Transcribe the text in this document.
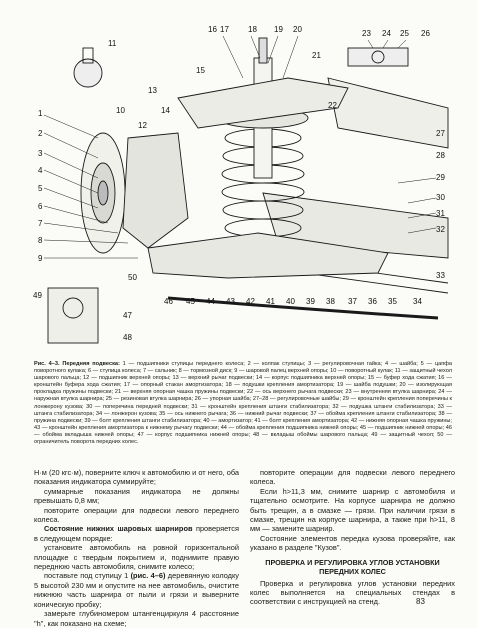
1
2
3
4
5
6
7
8
9
10
11
12
13
14
15
16 17 18 19 20
21
22
23 24 25 26
27
28
29
30
31
32
33
34
35
36
37
38
39
40
41
42
43
44
45
46
47
48
49
50
Рис. 4–3. Передняя подвеска: 1 — подшипники ступицы переднего колеса; 2 — колпак ступицы; 3 — регулировочная гайка; 4 — шайба; 5 — цапфа поворотного кулака; 6 — ступица колеса; 7 — сальник; 8 — тормозной диск; 9 — шаровой палец верхней опоры; 10 — поворотный кулак; 11 — защитный чехол шарового пальца; 12 — подшипник верхней опоры; 13 — верхний рычаг подвески; 14 — корпус подшипника верхней опоры; 15 — буфер хода сжатия; 16 — кронштейн буфера хода сжатия; 17 — опорный стакан амортизатора; 18 — подушки крепления амортизатора; 19 — шайба подушки; 20 — изолирующая прокладка пружины подвески; 21 — верхняя опорная чашка пружины подвески; 22 — ось верхнего рычага подвески; 23 — внутренняя втулка шарнира; 24 — наружная втулка шарнира; 25 — резиновая втулка шарнира; 26 — упорная шайба; 27–28 — регулировочные шайбы; 29 — кронштейн крепления поперечины к лонжерону кузова; 30 — поперечина передней подвески; 31 — кронштейн крепления штанги стабилизатора; 32 — подушка штанги стабилизатора; 33 — штанга стабилизатора; 34 — лонжерон кузова; 35 — ось нижнего рычага; 36 — нижний рычаг подвески; 37 — обойма крепления штанги стабилизатора; 38 — пружина подвески; 39 — болт крепления штанги стабилизатора; 40 — амортизатор; 41 — болт крепления амортизатора; 42 — нижняя опорная чашка пружины; 43 — кронштейн крепления амортизатора к нижнему рычагу подвески; 44 — обойма крепления подшипника нижней опоры; 45 — подшипник нижней опоры; 46 — обойма вкладыша нижней опоры; 47 — корпус подшипника нижней опоры; 48 — вкладыш обоймы шарового пальца; 49 — защитный чехол; 50 — ограничитель поворота передних колес.

Н·м (20 кгс·м), поверните ключ к автомобилю и от него, оба показания индикатора суммируйте;

суммарные показания индикатора не должны превышать 0,8 мм;

повторите операции для подвески левого переднего колеса.

Состояние нижних шаровых шарниров проверяется в следующем порядке:

установите автомобиль на ровной горизонтальной площадке с твердым покрытием и, поднимите правую переднюю часть автомобиля, снимите колесо;

поставьте под ступицу 1 (рис. 4–6) деревянную колодку 5 высотой 230 мм и опустите на нее автомобиль, очистите нижнюю часть шарнира от пыли и грязи и выверните коническую пробку;

замерьте глубиномером штангенциркуля 4 расстояние "h", как показано на схеме;

повторите операции для подвески левого переднего колеса.

Если h>11,3 мм, снимите шарнир с автомобиля и тщательно осмотрите. На корпусе шарнира не должно быть трещин, а в смазке — грязи. При наличии грязи в смазке, трещин на корпусе шарнира, а также при h>11, 8 мм — замените шарнир.

Состояние элементов передка кузова проверяйте, как указано в разделе "Кузов".

ПРОВЕРКА И РЕГУЛИРОВКА УГЛОВ УСТАНОВКИ ПЕРЕДНИХ КОЛЕС

Проверка и регулировка углов установки передних колес выполняется на специальных стендах в соответствии с инструкцией на стенд.	83
